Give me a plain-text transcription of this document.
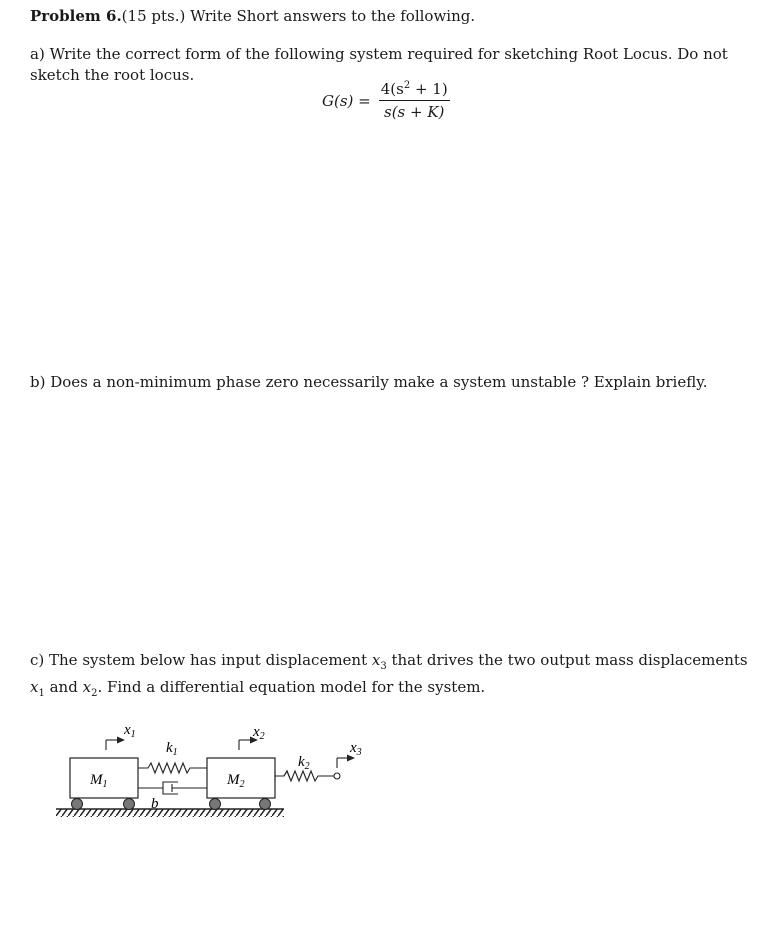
Problem 6.(15 pts.) Write Short answers to the following.

a) Write the correct form of the following system required for sketching Root Locus. Do not sketch the root locus.

$G(s) = \frac{4(s^2 + 1)}{s(s + K)}$

b) Does a non-minimum phase zero necessarily make a system unstable ? Explain briefly.

c) The system below has input displacement $x_3$ that drives the two output mass displacements $x_1$ and $x_2$. Find a differential equation model for the system.

$M_1$	$M_2$
$k_1$
b
$x_1$	$x_2$
$k_2$
$x_3$
